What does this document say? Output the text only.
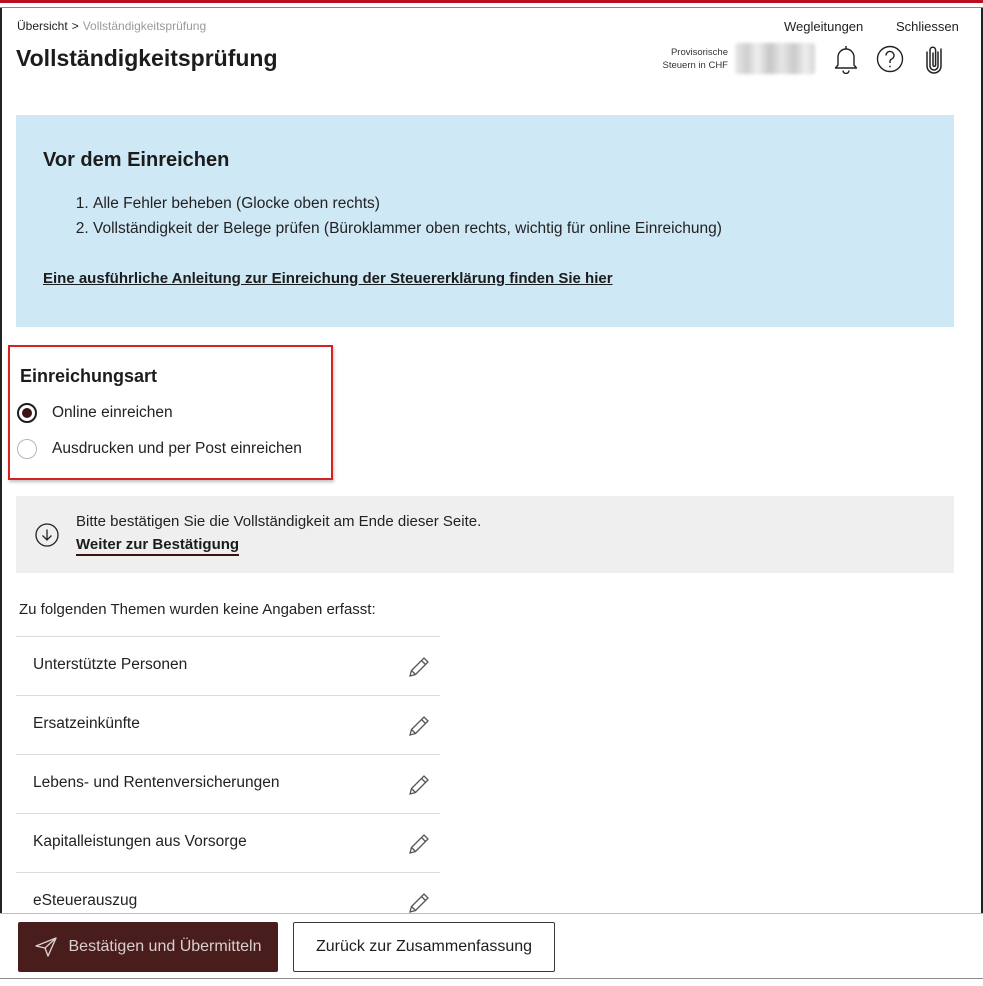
Übersicht > Vollständigkeitsprüfung
Vollständigkeitsprüfung
Wegleitungen	Schliessen
Provisorische
Steuern in CHF
Vor dem Einreichen
1. Alle Fehler beheben (Glocke oben rechts)
2. Vollständigkeit der Belege prüfen (Büroklammer oben rechts, wichtig für online Einreichung)
Eine ausführliche Anleitung zur Einreichung der Steuererklärung finden Sie hier
Einreichungsart
Online einreichen
Ausdrucken und per Post einreichen
Bitte bestätigen Sie die Vollständigkeit am Ende dieser Seite.
Weiter zur Bestätigung
Zu folgenden Themen wurden keine Angaben erfasst:
Unterstützte Personen
Ersatzeinkünfte
Lebens- und Rentenversicherungen
Kapitalleistungen aus Vorsorge
eSteuerauszug
Bestätigen und Übermitteln	Zurück zur Zusammenfassung
